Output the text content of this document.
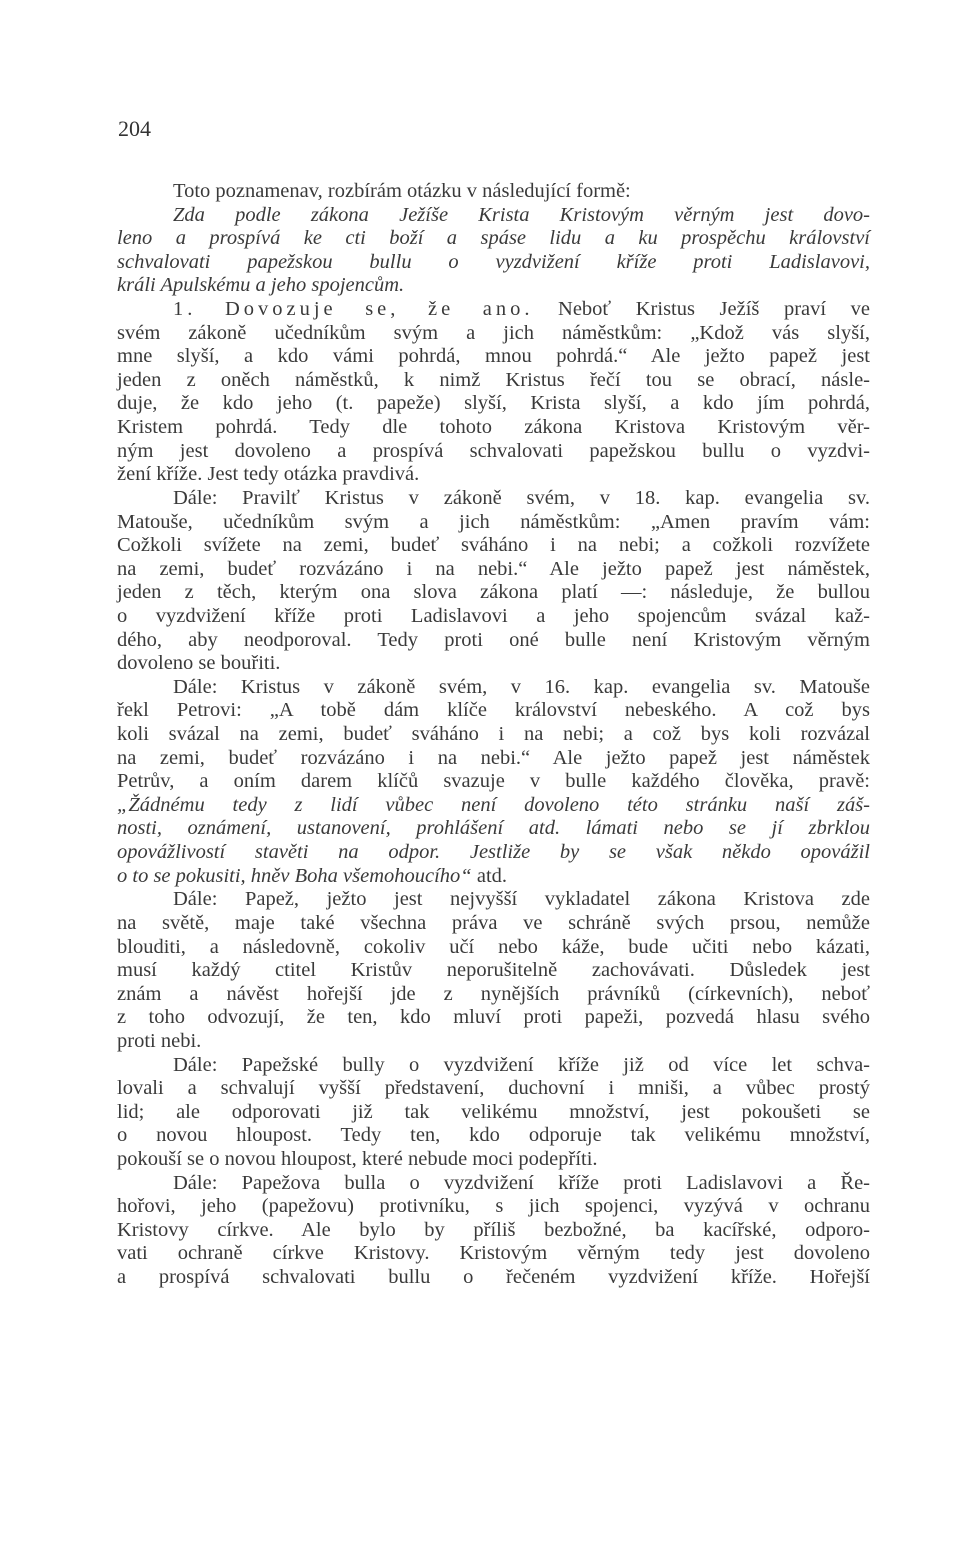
204
Toto poznamenav, rozbírám otázku v následující formě:
Zda podle zákona Ježíše Krista Kristovým věrným jest dovo-
leno a prospívá ke cti boží a spáse lidu a ku prospěchu království
schvalovati papežskou bullu o vyzdvižení kříže proti Ladislavovi,
králi Apulskému a jeho spojencům.
1. Dovozuje se, že ano. Neboť Kristus Ježíš praví ve
svém zákoně učedníkům svým a jich náměstkům: „Kdož vás slyší,
mne slyší, a kdo vámi pohrdá, mnou pohrdá.“ Ale ježto papež jest
jeden z oněch náměstků, k nimž Kristus řečí tou se obrací, násle-
duje, že kdo jeho (t. papeže) slyší, Krista slyší, a kdo jím pohrdá,
Kristem pohrdá. Tedy dle tohoto zákona Kristova Kristovým věr-
ným jest dovoleno a prospívá schvalovati papežskou bullu o vyzdvi-
žení kříže. Jest tedy otázka pravdivá.
Dále: Pravilť Kristus v zákoně svém, v 18. kap. evangelia sv.
Matouše, učedníkům svým a jich náměstkům: „Amen pravím vám:
Cožkoli svížete na zemi, budeť sváháno i na nebi; a cožkoli rozvížete
na zemi, budeť rozvázáno i na nebi.“ Ale ježto papež jest náměstek,
jeden z těch, kterým ona slova zákona platí —: následuje, že bullou
o vyzdvižení kříže proti Ladislavovi a jeho spojencům svázal kaž-
dého, aby neodporoval. Tedy proti oné bulle není Kristovým věrným
dovoleno se bouřiti.
Dále: Kristus v zákoně svém, v 16. kap. evangelia sv. Matouše
řekl Petrovi: „A tobě dám klíče království nebeského. A což bys
koli svázal na zemi, budeť sváháno i na nebi; a což bys koli rozvázal
na zemi, budeť rozvázáno i na nebi.“ Ale ježto papež jest náměstek
Petrův, a oním darem klíčů svazuje v bulle každého člověka, pravě:
„Žádnému tedy z lidí vůbec není dovoleno této stránku naší záš-
nosti, oznámení, ustanovení, prohlášení atd. lámati nebo se jí zbrklou
opovážlivostí stavěti na odpor. Jestliže by se však někdo opovážil
o to se pokusiti, hněv Boha všemohoucího“ atd.
Dále: Papež, ježto jest nejvyšší vykladatel zákona Kristova zde
na světě, maje také všechna práva ve schráně svých prsou, nemůže
blouditi, a následovně, cokoliv učí nebo káže, bude učiti nebo kázati,
musí každý ctitel Kristův neporušitelně zachovávati. Důsledek jest
znám a návěst hořejší jde z nynějších právníků (církevních), neboť
z toho odvozují, že ten, kdo mluví proti papeži, pozvedá hlasu svého
proti nebi.
Dále: Papežské bully o vyzdvižení kříže již od více let schva-
lovali a schvalují vyšší představení, duchovní i mniši, a vůbec prostý
lid; ale odporovati již tak velikému množství, jest pokoušeti se
o novou hloupost. Tedy ten, kdo odporuje tak velikému množství,
pokouší se o novou hloupost, které nebude moci podepříti.
Dále: Papežova bulla o vyzdvižení kříže proti Ladislavovi a Ře-
hořovi, jeho (papežovu) protivníku, s jich spojenci, vyzývá v ochranu
Kristovy církve. Ale bylo by příliš bezbožné, ba kacířské, odporo-
vati ochraně církve Kristovy. Kristovým věrným tedy jest dovoleno
a prospívá schvalovati bullu o řečeném vyzdvižení kříže. Hořejší
